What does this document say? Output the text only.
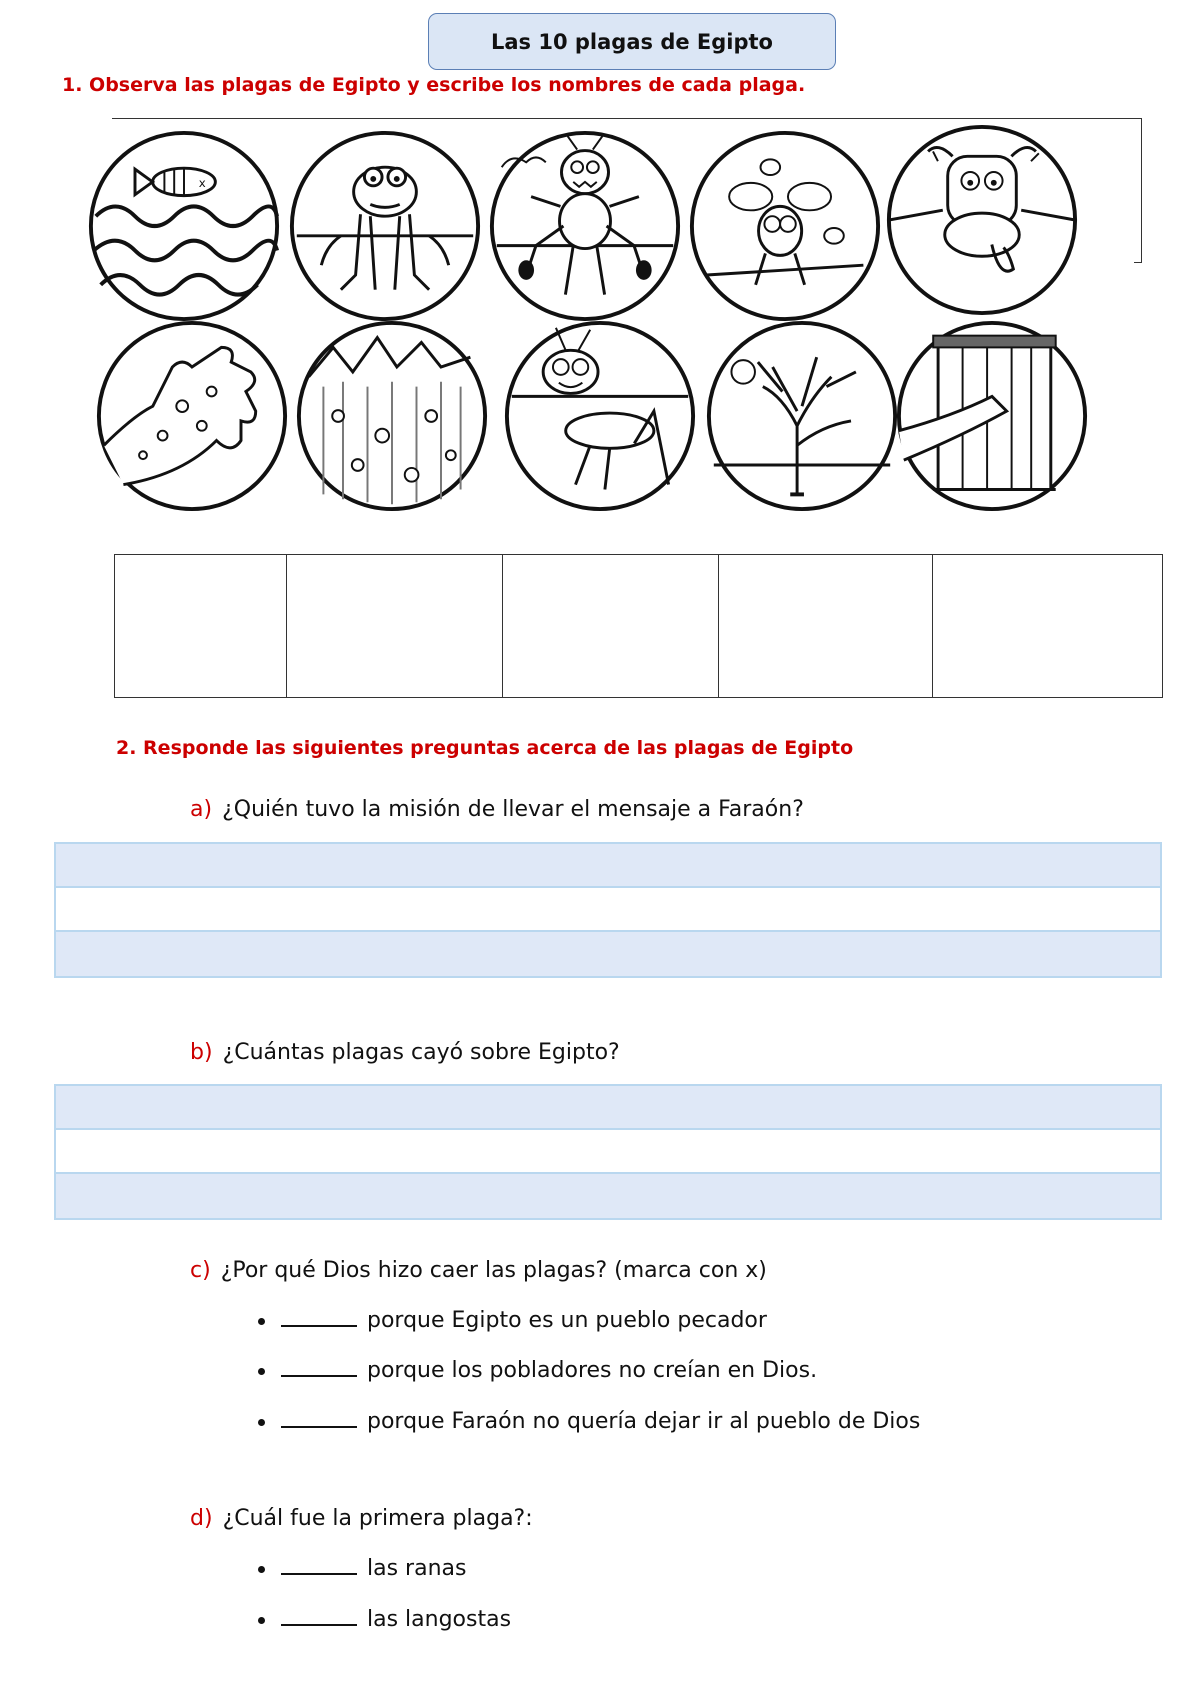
Las 10 plagas de Egipto
1. Observa las plagas de Egipto y escribe los nombres de cada plaga.
x

2. Responde las siguientes preguntas acerca de las plagas de Egipto
a) ¿Quién tuvo la misión de llevar el mensaje a Faraón?
b) ¿Cuántas plagas cayó sobre Egipto?
c) ¿Por qué Dios hizo caer las plagas? (marca con x)
porque Egipto es un pueblo pecador
porque los pobladores no creían en Dios.
porque Faraón no quería dejar ir al pueblo de Dios
d) ¿Cuál fue la primera plaga?:
las ranas
las langostas
